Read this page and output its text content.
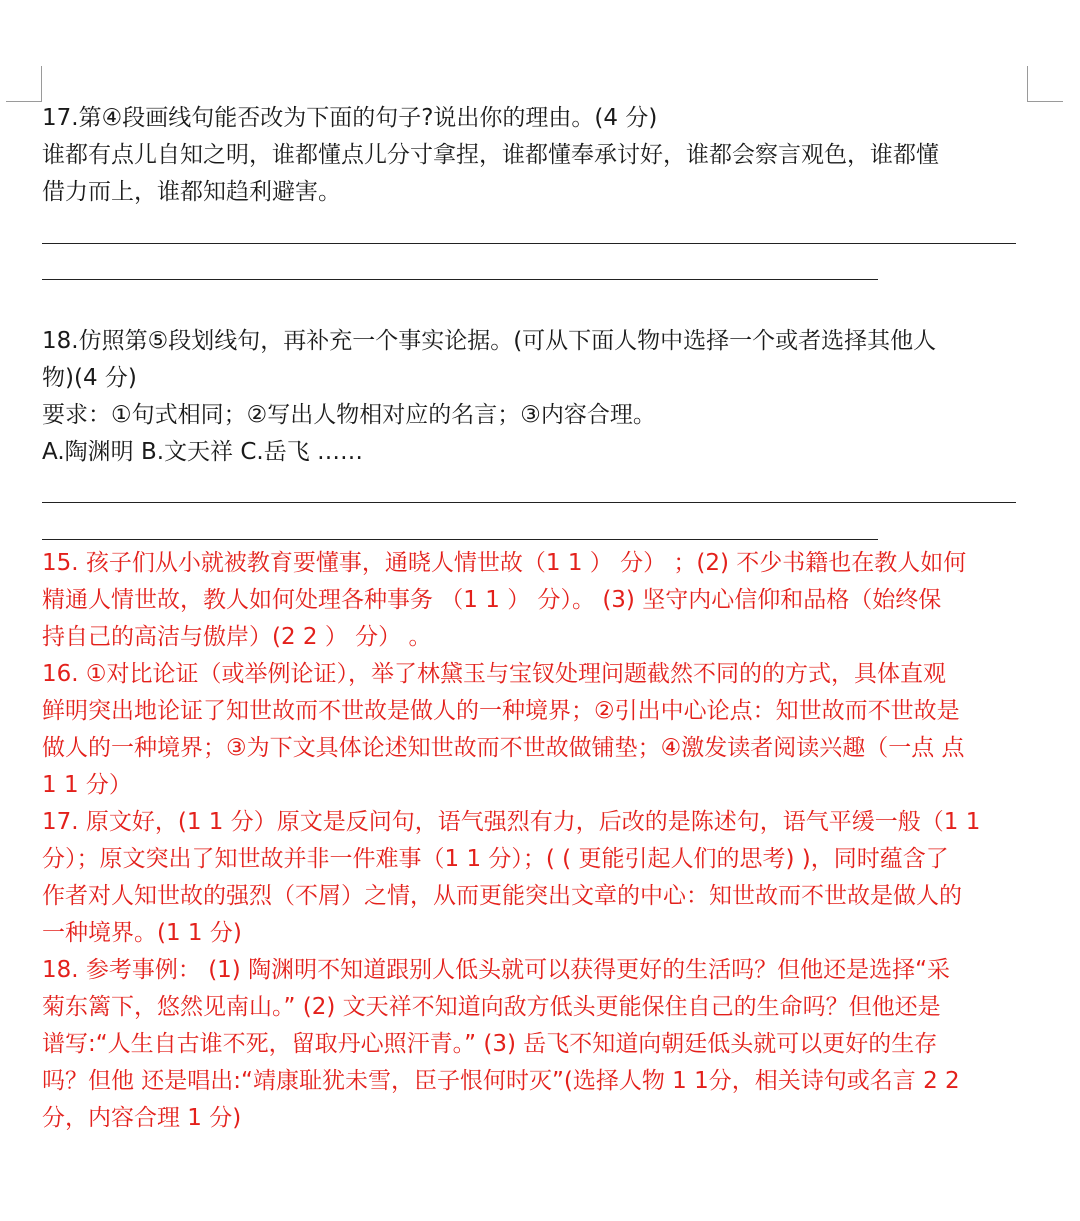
17.第④段画线句能否改为下面的句子?说出你的理由。(4 分)
谁都有点儿自知之明，谁都懂点儿分寸拿捏，谁都懂奉承讨好，谁都会察言观色，谁都懂
借力而上，谁都知趋利避害。
18.仿照第⑤段划线句，再补充一个事实论据。(可从下面人物中选择一个或者选择其他人
物)(4 分)
要求：①句式相同；②写出人物相对应的名言；③内容合理。
A.陶渊明 B.文天祥 C.岳飞 ……
15. 孩子们从小就被教育要懂事，通晓人情世故（1 1 ） 分） ；(2) 不少书籍也在教人如何
精通人情世故，教人如何处理各种事务 （1 1 ） 分）。 (3) 坚守内心信仰和品格（始终保
持自己的高洁与傲岸）(2 2 ） 分） 。
16. ①对比论证（或举例论证），举了林黛玉与宝钗处理问题截然不同的的方式，具体直观
鲜明突出地论证了知世故而不世故是做人的一种境界；②引出中心论点：知世故而不世故是
做人的一种境界；③为下文具体论述知世故而不世故做铺垫；④激发读者阅读兴趣（一点 点
1 1 分）
17. 原文好，(1 1 分）原文是反问句，语气强烈有力，后改的是陈述句，语气平缓一般（1 1
分）；原文突出了知世故并非一件难事（1 1 分）；( ( 更能引起人们的思考) )，同时蕴含了
作者对人知世故的强烈（不屑）之情，从而更能突出文章的中心：知世故而不世故是做人的
一种境界。(1 1 分)
18. 参考事例： (1) 陶渊明不知道跟别人低头就可以获得更好的生活吗？但他还是选择“采
菊东篱下，悠然见南山。” (2) 文天祥不知道向敌方低头更能保住自己的生命吗？但他还是
谱写:“人生自古谁不死，留取丹心照汗青。” (3) 岳飞不知道向朝廷低头就可以更好的生存
吗？但他 还是唱出:“靖康耻犹未雪，臣子恨何时灭”(选择人物 1 1分，相关诗句或名言 2 2
分，内容合理 1 分)
